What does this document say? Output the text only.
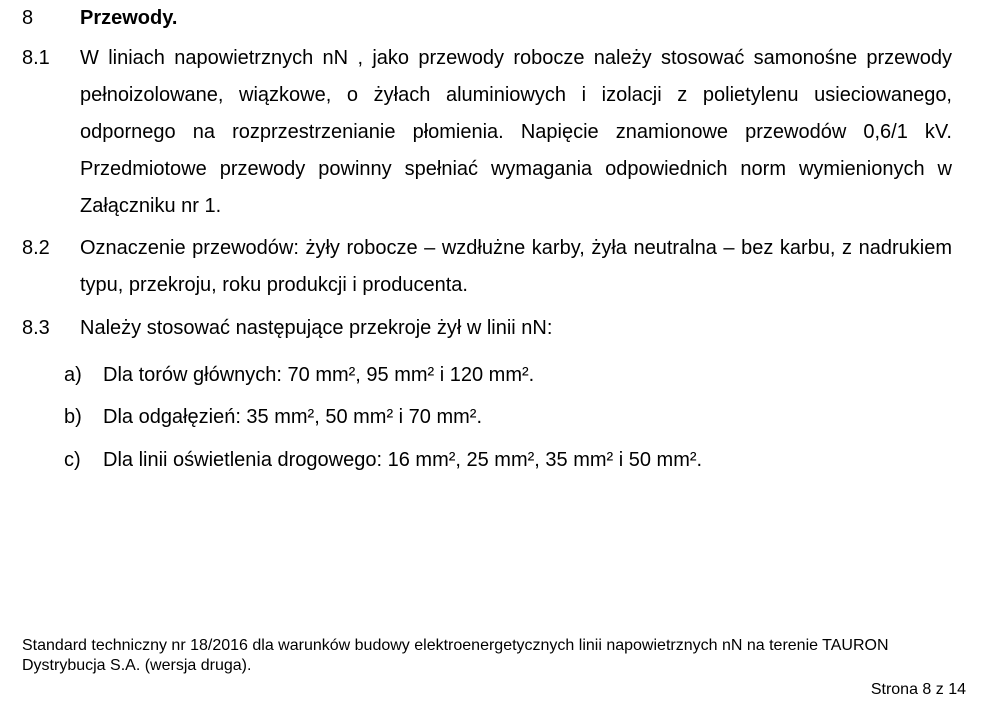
8 Przewody.
8.1 W liniach napowietrznych nN , jako przewody robocze należy stosować samonośne przewody pełnoizolowane, wiązkowe, o żyłach aluminiowych i izolacji z polietylenu usieciowanego, odpornego na rozprzestrzenianie płomienia. Napięcie znamionowe przewodów 0,6/1 kV. Przedmiotowe przewody powinny spełniać wymagania odpowiednich norm wymienionych w Załączniku nr 1.
8.2 Oznaczenie przewodów: żyły robocze – wzdłużne karby, żyła neutralna – bez karbu, z nadrukiem typu, przekroju, roku produkcji i producenta.
8.3 Należy stosować następujące przekroje żył w linii nN:
a) Dla torów głównych: 70 mm², 95 mm² i 120 mm².
b) Dla odgałęzień: 35 mm², 50 mm² i 70 mm².
c) Dla linii oświetlenia drogowego: 16 mm², 25 mm², 35 mm² i 50 mm².
Standard techniczny nr 18/2016 dla warunków budowy elektroenergetycznych linii napowietrznych nN na terenie TAURON Dystrybucja S.A. (wersja druga).
Strona 8 z 14
